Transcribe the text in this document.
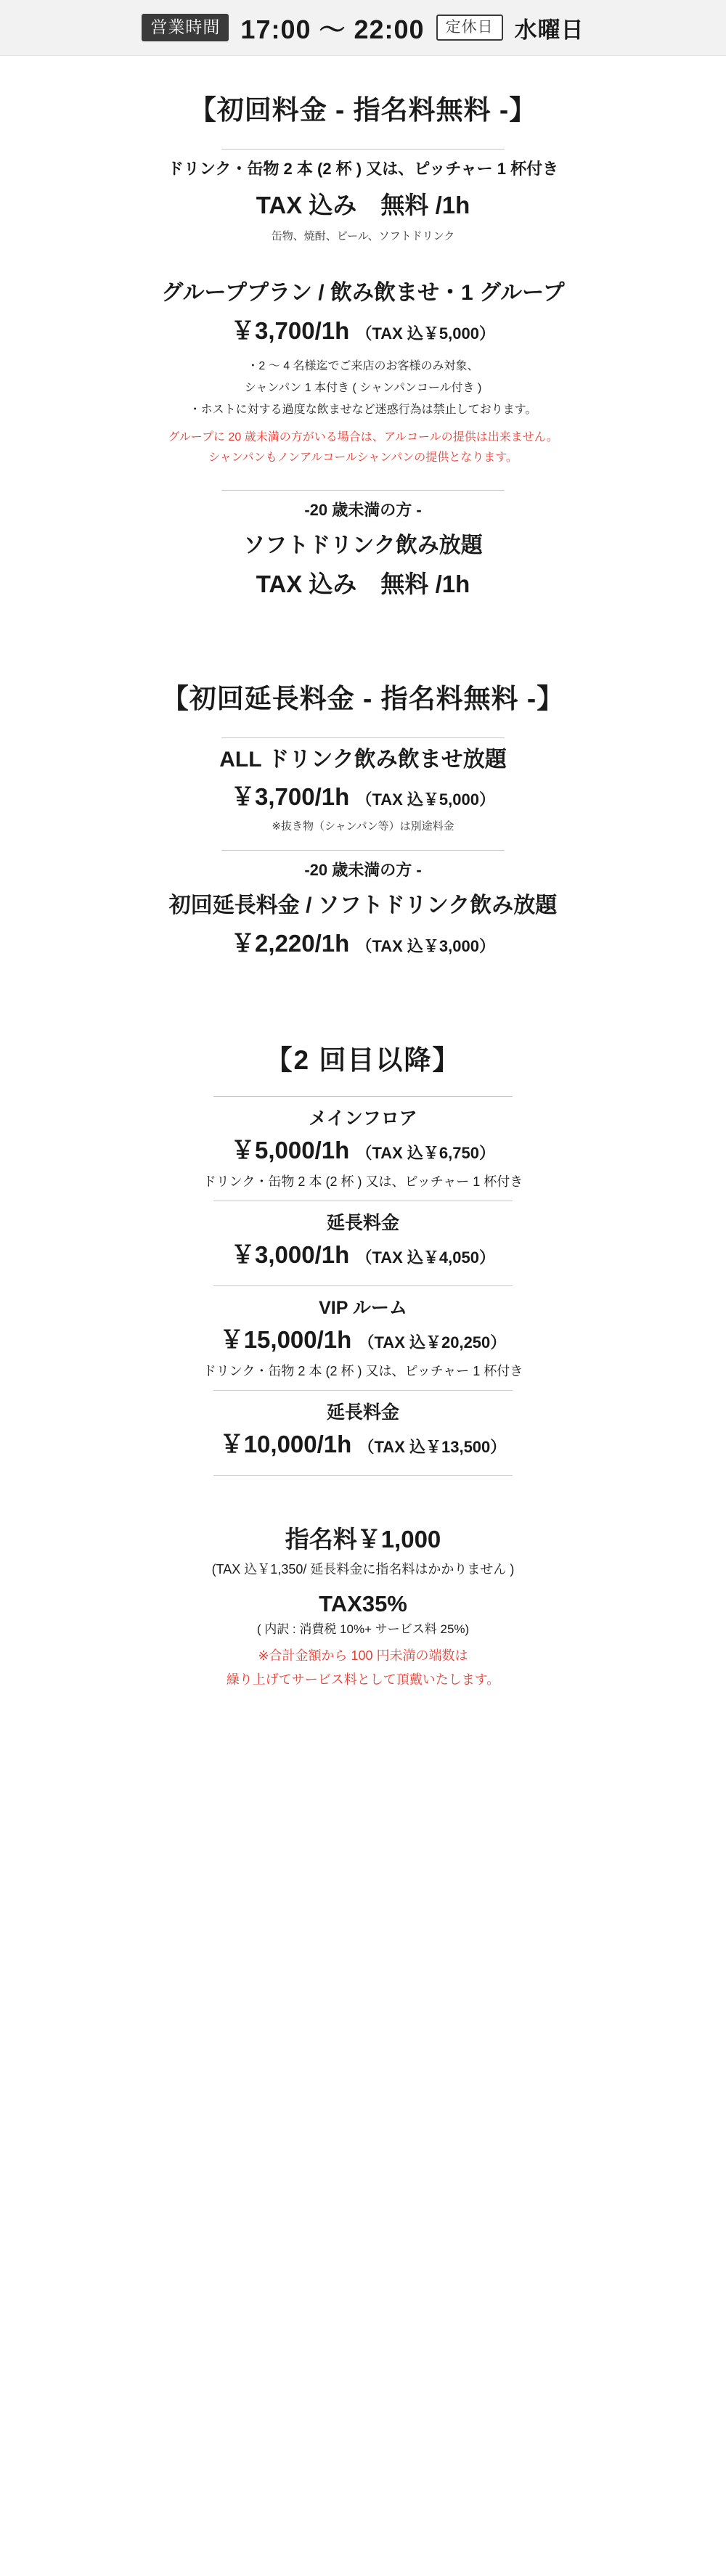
営業時間 17:00 〜 22:00	定休日 水曜日
【初回料金 - 指名料無料 -】

ドリンク・缶物 2 本 (2 杯 ) 又は、ピッチャー 1 杯付き

TAX 込み　無料 /1h

缶物、焼酎、ビール、ソフトドリンク

グループプラン / 飲み飲ませ・1 グループ

￥3,700/1h （TAX 込￥5,000）

・2 〜 4 名様迄でご来店のお客様のみ対象、
シャンパン 1 本付き ( シャンパンコール付き )
・ホストに対する過度な飲ませなど迷惑行為は禁止しております。
グループに 20 歳未満の方がいる場合は、アルコールの提供は出来ません。
シャンパンもノンアルコールシャンパンの提供となります。

-20 歳未満の方 -

ソフトドリンク飲み放題

TAX 込み　無料 /1h

【初回延長料金 - 指名料無料 -】

ALL ドリンク飲み飲ませ放題

￥3,700/1h （TAX 込￥5,000）

※抜き物（シャンパン等）は別途料金

-20 歳未満の方 -

初回延長料金 / ソフトドリンク飲み放題

￥2,220/1h （TAX 込￥3,000）

【2 回目以降】

メインフロア

￥5,000/1h （TAX 込￥6,750）

ドリンク・缶物 2 本 (2 杯 ) 又は、ピッチャー 1 杯付き

延長料金

￥3,000/1h （TAX 込￥4,050）

VIP ルーム

￥15,000/1h （TAX 込￥20,250）

ドリンク・缶物 2 本 (2 杯 ) 又は、ピッチャー 1 杯付き

延長料金

￥10,000/1h （TAX 込￥13,500）

指名料￥1,000

(TAX 込￥1,350/ 延長料金に指名料はかかりません )

TAX35%

( 内訳 : 消費税 10%+ サービス料 25%)

※合計金額から 100 円未満の端数は
繰り上げてサービス料として頂戴いたします。
